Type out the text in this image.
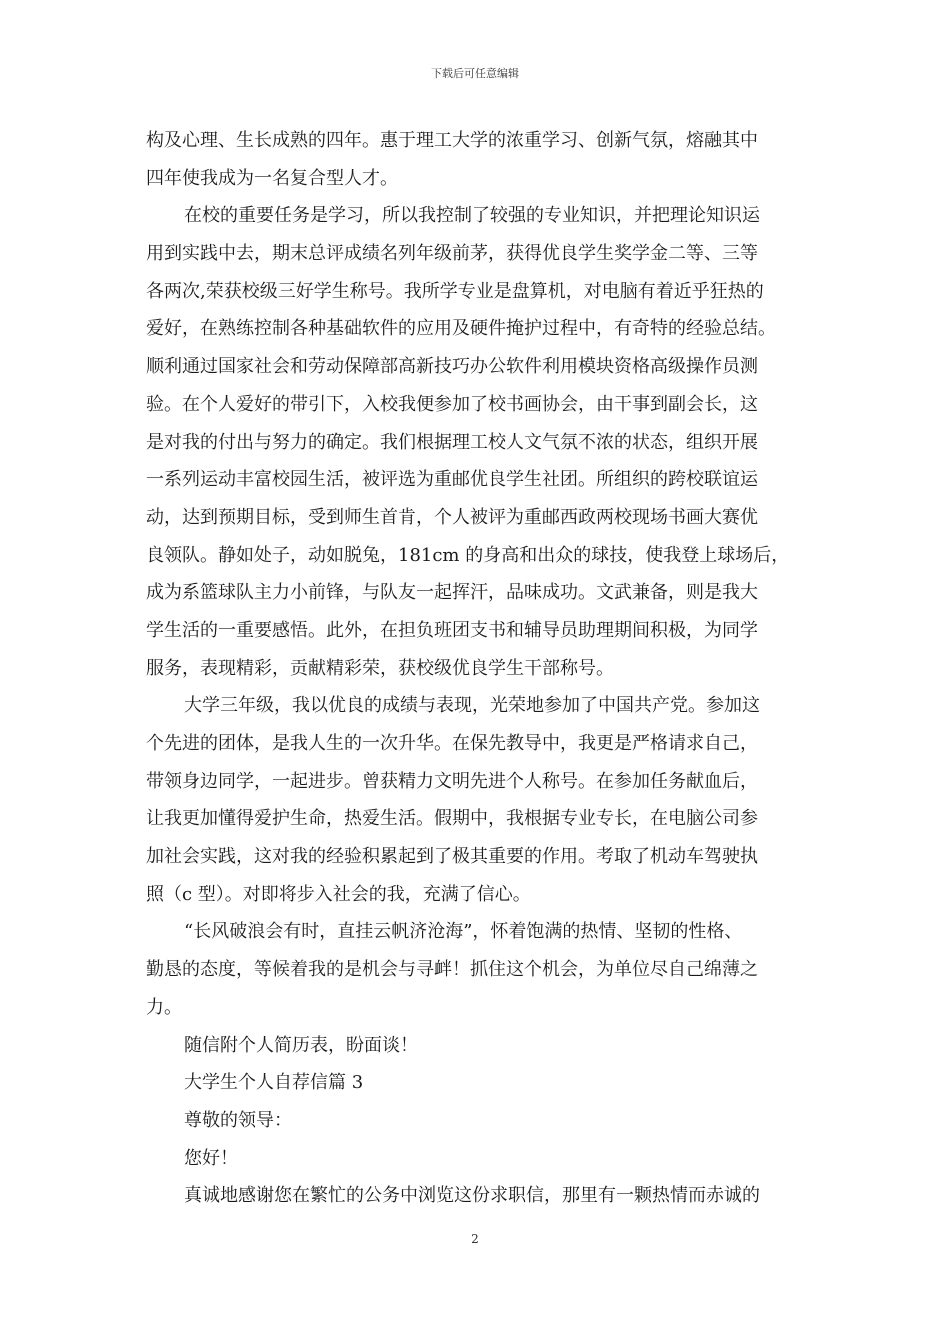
下载后可任意编辑
构及心理、生长成熟的四年。惠于理工大学的浓重学习、创新气氛，熔融其中
四年使我成为一名复合型人才。
在校的重要任务是学习，所以我控制了较强的专业知识，并把理论知识运
用到实践中去，期末总评成绩名列年级前茅，获得优良学生奖学金二等、三等
各两次,荣获校级三好学生称号。我所学专业是盘算机，对电脑有着近乎狂热的
爱好，在熟练控制各种基础软件的应用及硬件掩护过程中，有奇特的经验总结。
顺利通过国家社会和劳动保障部高新技巧办公软件利用模块资格高级操作员测
验。在个人爱好的带引下，入校我便参加了校书画协会，由干事到副会长，这
是对我的付出与努力的确定。我们根据理工校人文气氛不浓的状态，组织开展
一系列运动丰富校园生活，被评选为重邮优良学生社团。所组织的跨校联谊运
动，达到预期目标，受到师生首肯，个人被评为重邮西政两校现场书画大赛优
良领队。静如处子，动如脱兔，181cm 的身高和出众的球技，使我登上球场后，
成为系篮球队主力小前锋，与队友一起挥汗，品味成功。文武兼备，则是我大
学生活的一重要感悟。此外，在担负班团支书和辅导员助理期间积极，为同学
服务，表现精彩，贡献精彩荣，获校级优良学生干部称号。
大学三年级，我以优良的成绩与表现，光荣地参加了中国共产党。参加这
个先进的团体，是我人生的一次升华。在保先教导中，我更是严格请求自己，
带领身边同学，一起进步。曾获精力文明先进个人称号。在参加任务献血后，
让我更加懂得爱护生命，热爱生活。假期中，我根据专业专长，在电脑公司参
加社会实践，这对我的经验积累起到了极其重要的作用。考取了机动车驾驶执
照（c 型）。对即将步入社会的我，充满了信心。
“长风破浪会有时，直挂云帆济沧海”，怀着饱满的热情、坚韧的性格、
勤恳的态度，等候着我的是机会与寻衅！抓住这个机会，为单位尽自己绵薄之
力。
随信附个人简历表，盼面谈！
大学生个人自荐信篇 3
尊敬的领导：
您好！
真诚地感谢您在繁忙的公务中浏览这份求职信，那里有一颗热情而赤诚的
2
